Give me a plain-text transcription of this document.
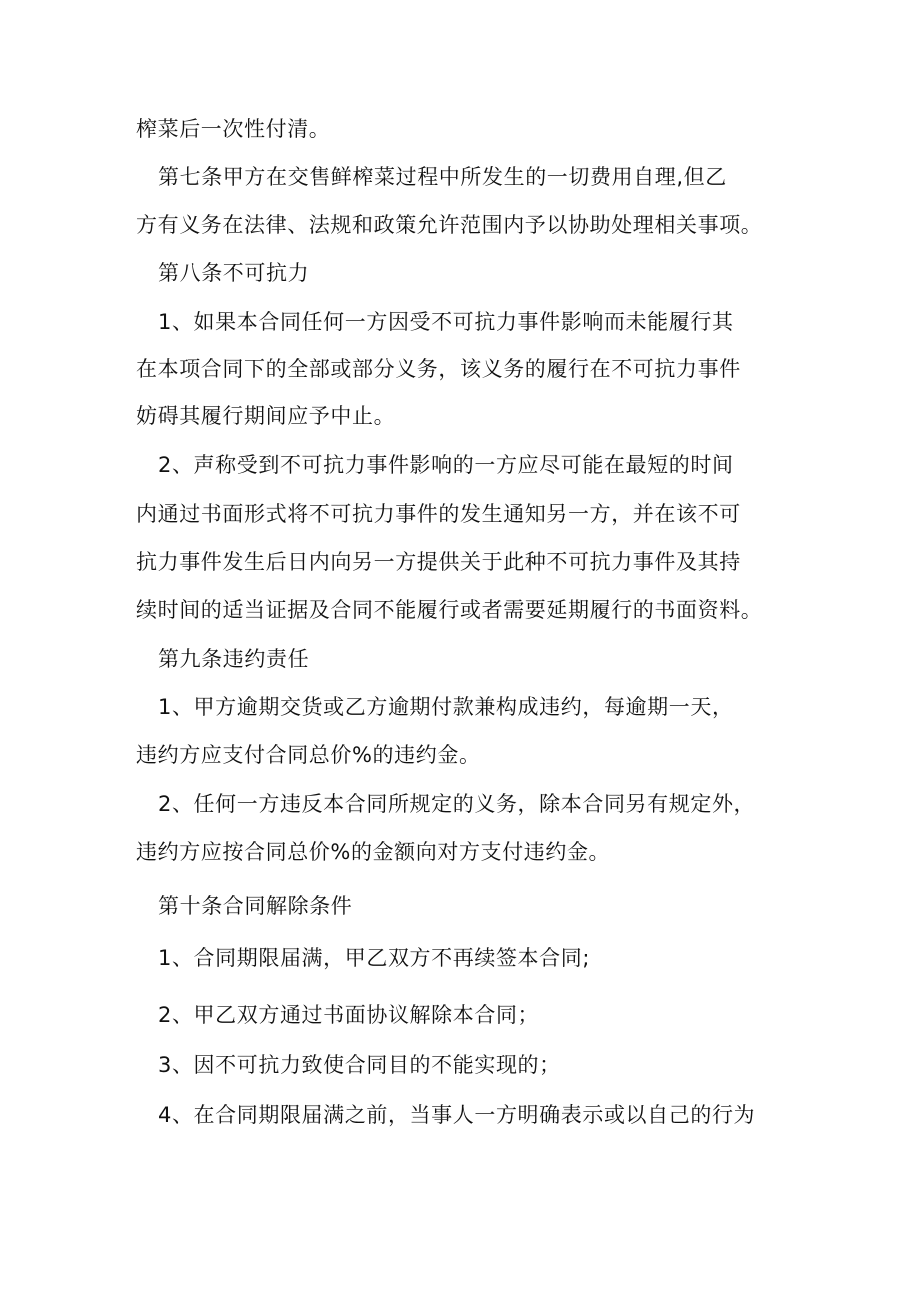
榨菜后一次性付清。
第七条甲方在交售鲜榨菜过程中所发生的一切费用自理,但乙
方有义务在法律、法规和政策允许范围内予以协助处理相关事项。
第八条不可抗力
1、如果本合同任何一方因受不可抗力事件影响而未能履行其
在本项合同下的全部或部分义务，该义务的履行在不可抗力事件
妨碍其履行期间应予中止。
2、声称受到不可抗力事件影响的一方应尽可能在最短的时间
内通过书面形式将不可抗力事件的发生通知另一方，并在该不可
抗力事件发生后日内向另一方提供关于此种不可抗力事件及其持
续时间的适当证据及合同不能履行或者需要延期履行的书面资料。
第九条违约责任
1、甲方逾期交货或乙方逾期付款兼构成违约，每逾期一天，
违约方应支付合同总价%的违约金。
2、任何一方违反本合同所规定的义务，除本合同另有规定外，
违约方应按合同总价%的金额向对方支付违约金。
第十条合同解除条件
1、合同期限届满，甲乙双方不再续签本合同;
2、甲乙双方通过书面协议解除本合同；
3、因不可抗力致使合同目的不能实现的；
4、在合同期限届满之前，当事人一方明确表示或以自己的行为
